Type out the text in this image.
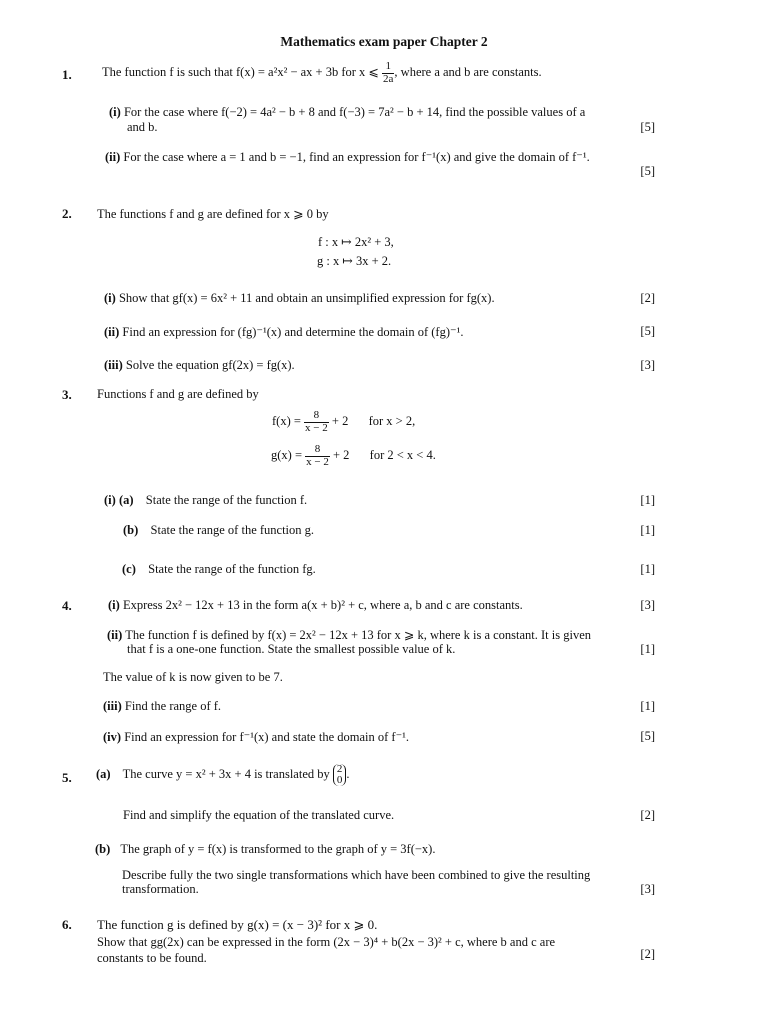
Mathematics exam paper Chapter 2
1. The function f is such that f(x) = a²x² − ax + 3b for x ⩽ $\frac{1}{2a}$ , where a and b are constants.
(i) For the case where f(−2) = 4a² − b + 8 and f(−3) = 7a² − b + 14, find the possible values of a
and b.	[5]
(ii) For the case where a = 1 and b = −1, find an expression for f⁻¹(x) and give the domain of f⁻¹.
[5]
2. The functions f and g are defined for x ⩾ 0 by
f : x ↦ 2x² + 3,
g : x ↦ 3x + 2.
(i) Show that gf(x) = 6x² + 11 and obtain an unsimplified expression for fg(x).	[2]
(ii) Find an expression for (fg)⁻¹(x) and determine the domain of (fg)⁻¹.	[5]
(iii) Solve the equation gf(2x) = fg(x).	[3]
3. Functions f and g are defined by
$f(x) = \frac{8}{x - 2} + 2$ for x > 2,
$g(x) = \frac{8}{x - 2} + 2$ for 2 < x < 4.
(i) (a) State the range of the function f.	[1]
(b) State the range of the function g.	[1]
(c) State the range of the function fg.	[1]
4.	(i) Express 2x² − 12x + 13 in the form a(x + b)² + c, where a, b and c are constants.	[3]
(ii) The function f is defined by f(x) = 2x² − 12x + 13 for x ⩾ k, where k is a constant. It is given
that f is a one-one function. State the smallest possible value of k.	[1]
The value of k is now given to be 7.
(iii) Find the range of f.	[1]
(iv) Find an expression for f⁻¹(x) and state the domain of f⁻¹.	[5]
5. (a) The curve y = x² + 3x + 4 is translated by 2
0 .
Find and simplify the equation of the translated curve.	[2]
(b) The graph of y = f(x) is transformed to the graph of y = 3f(−x).
Describe fully the two single transformations which have been combined to give the resulting
transformation.	[3]
6. The function g is defined by g(x) = (x − 3)² for x ⩾ 0.
Show that gg(2x) can be expressed in the form (2x − 3)⁴ + b(2x − 3)² + c, where b and c are
constants to be found.	[2]
